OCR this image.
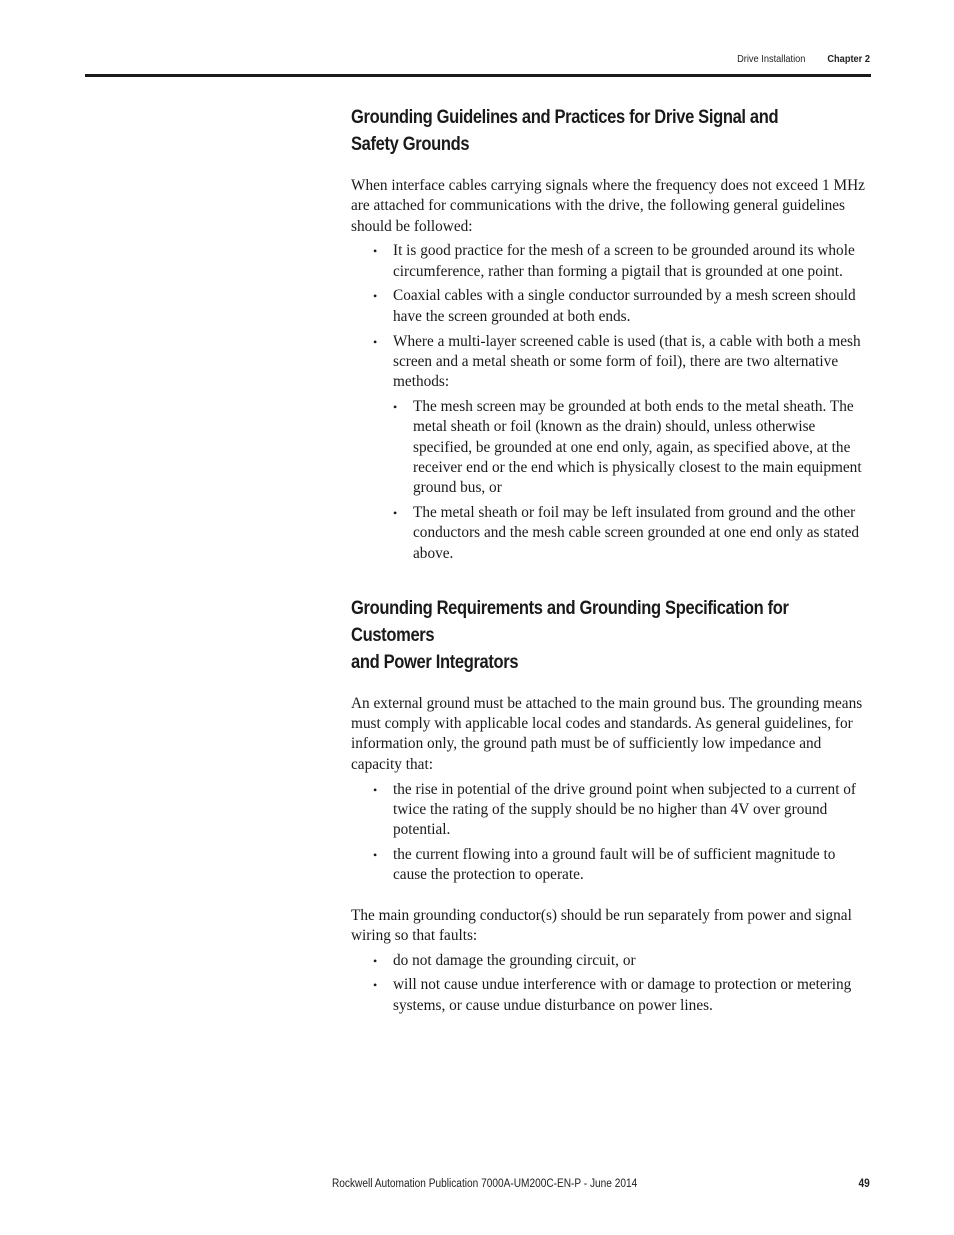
Drive Installation Chapter 2
Grounding Guidelines and Practices for Drive Signal and
Safety Grounds

When interface cables carrying signals where the frequency does not exceed 1 MHz are attached for communications with the drive, the following general guidelines should be followed:

• It is good practice for the mesh of a screen to be grounded around its whole circumference, rather than forming a pigtail that is grounded at one point.
• Coaxial cables with a single conductor surrounded by a mesh screen should have the screen grounded at both ends.
• Where a multi-layer screened cable is used (that is, a cable with both a mesh screen and a metal sheath or some form of foil), there are two alternative methods:
• The mesh screen may be grounded at both ends to the metal sheath. The metal sheath or foil (known as the drain) should, unless otherwise specified, be grounded at one end only, again, as specified above, at the receiver end or the end which is physically closest to the main equipment ground bus, or
• The metal sheath or foil may be left insulated from ground and the other conductors and the mesh cable screen grounded at one end only as stated above.
Grounding Requirements and Grounding Specification for Customers
and Power Integrators

An external ground must be attached to the main ground bus. The grounding means must comply with applicable local codes and standards. As general guidelines, for information only, the ground path must be of sufficiently low impedance and capacity that:

• the rise in potential of the drive ground point when subjected to a current of twice the rating of the supply should be no higher than 4V over ground potential.
• the current flowing into a ground fault will be of sufficient magnitude to cause the protection to operate.

The main grounding conductor(s) should be run separately from power and signal wiring so that faults:

• do not damage the grounding circuit, or
• will not cause undue interference with or damage to protection or metering systems, or cause undue disturbance on power lines.
Rockwell Automation Publication 7000A-UM200C-EN-P - June 2014	49
